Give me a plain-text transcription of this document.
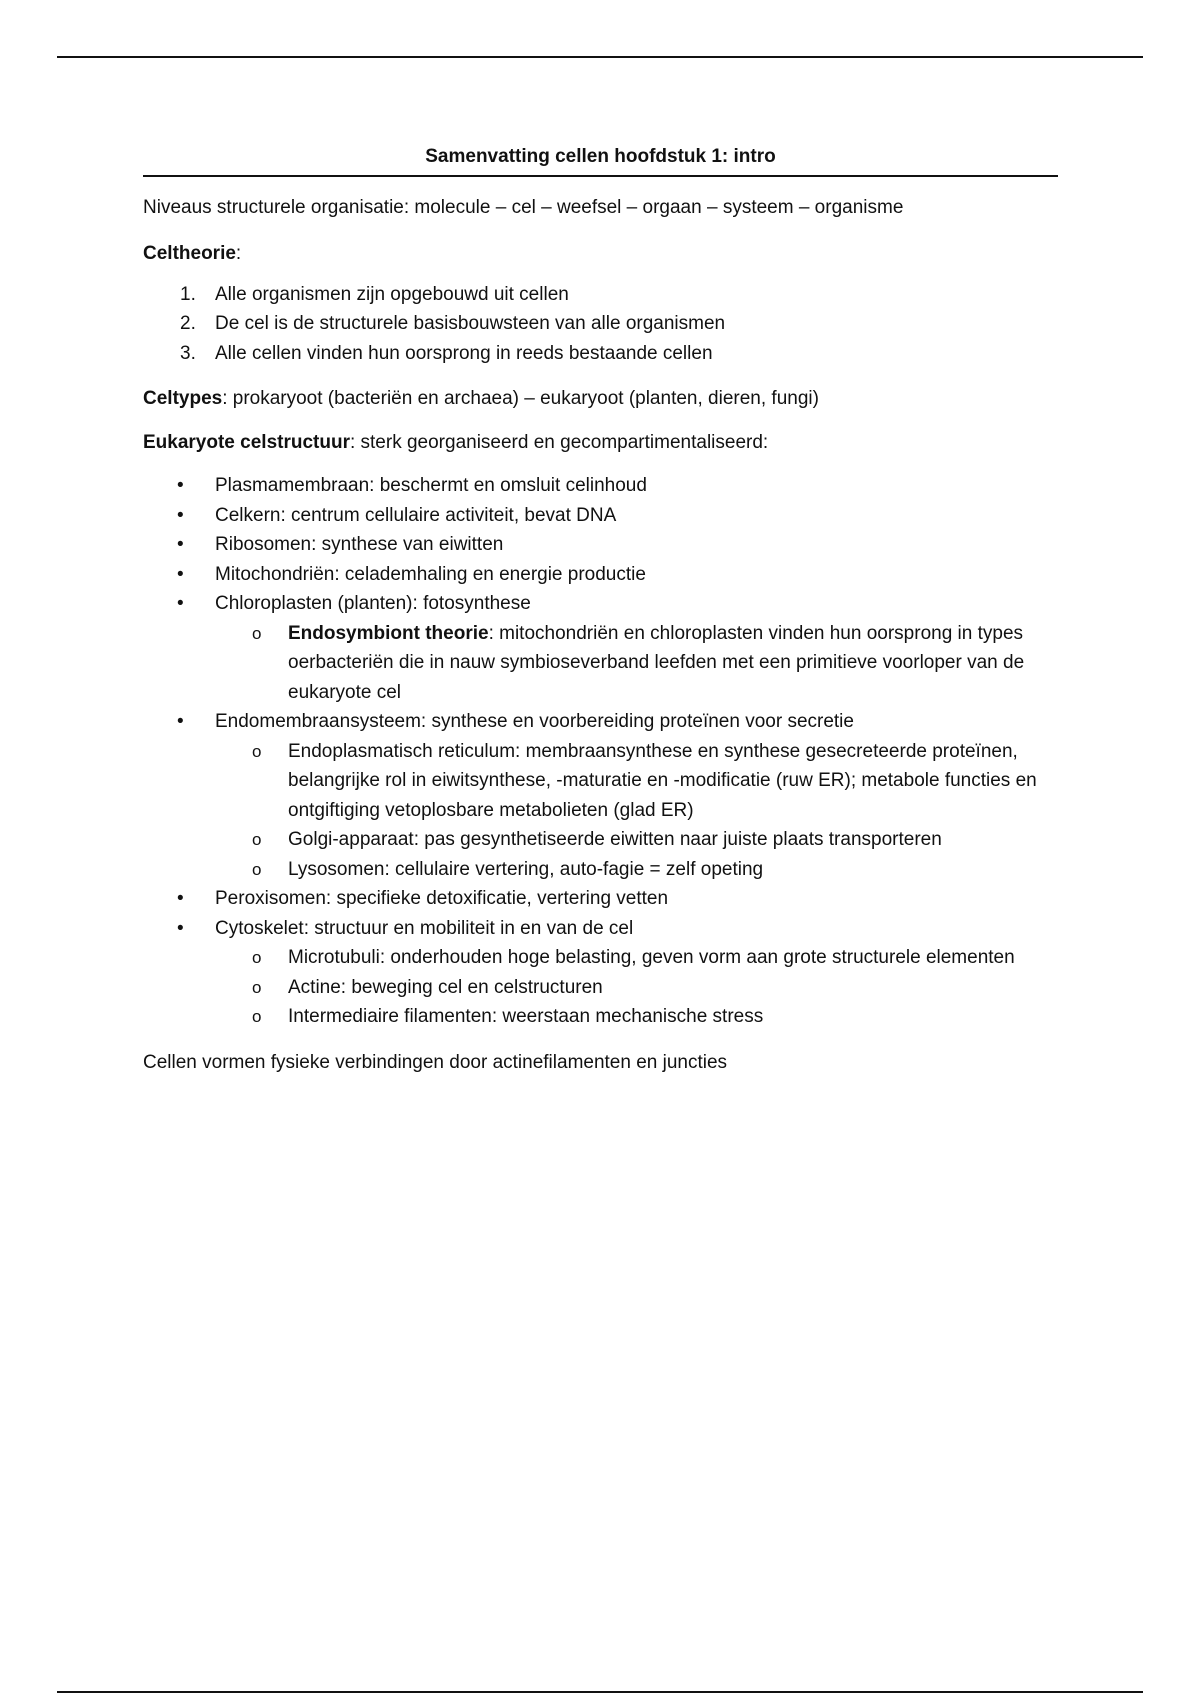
Samenvatting cellen hoofdstuk 1: intro

Niveaus structurele organisatie: molecule – cel – weefsel – orgaan – systeem – organisme

Celtheorie:

1. Alle organismen zijn opgebouwd uit cellen
2. De cel is de structurele basisbouwsteen van alle organismen
3. Alle cellen vinden hun oorsprong in reeds bestaande cellen

Celtypes: prokaryoot (bacteriën en archaea) – eukaryoot (planten, dieren, fungi)

Eukaryote celstructuur: sterk georganiseerd en gecompartimentaliseerd:

• Plasmamembraan: beschermt en omsluit celinhoud
• Celkern: centrum cellulaire activiteit, bevat DNA
• Ribosomen: synthese van eiwitten
• Mitochondriën: celademhaling en energie productie
• Chloroplasten (planten): fotosynthese
o Endosymbiont theorie: mitochondriën en chloroplasten vinden hun oorsprong in types oerbacteriën die in nauw symbioseverband leefden met een primitieve voorloper van de eukaryote cel
• Endomembraansysteem: synthese en voorbereiding proteïnen voor secretie
o Endoplasmatisch reticulum: membraansynthese en synthese gesecreteerde proteïnen, belangrijke rol in eiwitsynthese, -maturatie en -modificatie (ruw ER); metabole functies en ontgiftiging vetoplosbare metabolieten (glad ER)
o Golgi-apparaat: pas gesynthetiseerde eiwitten naar juiste plaats transporteren
o Lysosomen: cellulaire vertering, auto-fagie = zelf opeting
• Peroxisomen: specifieke detoxificatie, vertering vetten
• Cytoskelet: structuur en mobiliteit in en van de cel
o Microtubuli: onderhouden hoge belasting, geven vorm aan grote structurele elementen
o Actine: beweging cel en celstructuren
o Intermediaire filamenten: weerstaan mechanische stress

Cellen vormen fysieke verbindingen door actinefilamenten en juncties
